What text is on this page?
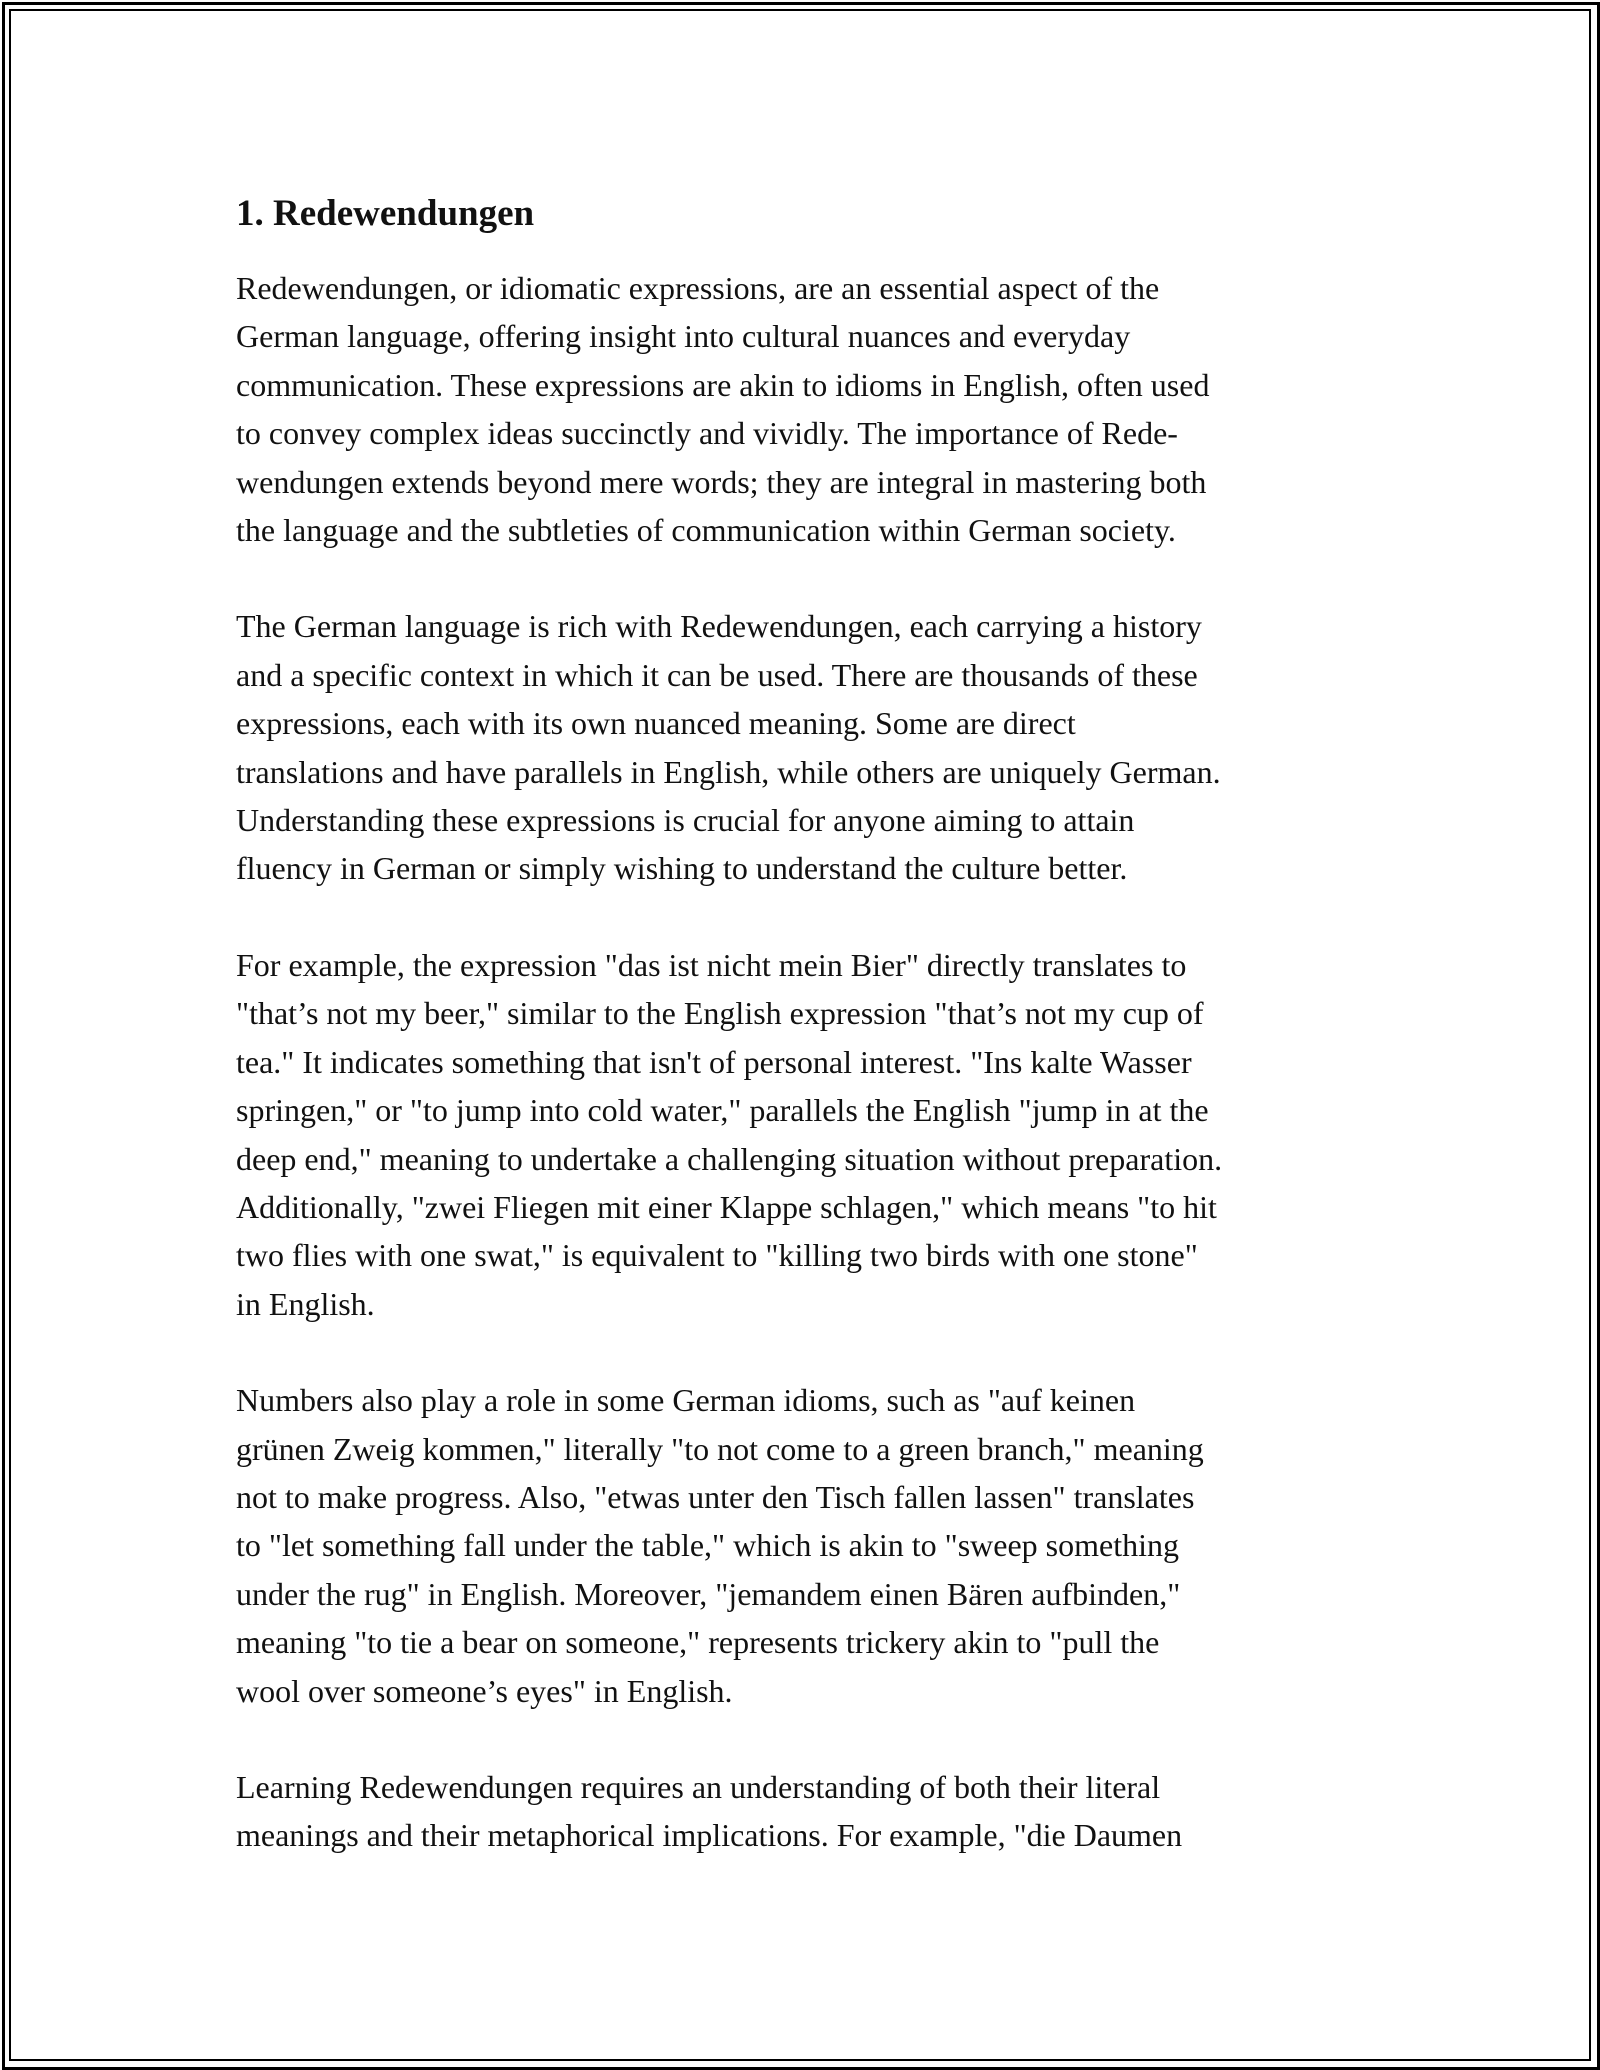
1. Redewendungen
Redewendungen, or idiomatic expressions, are an essential aspect of the
German language, offering insight into cultural nuances and everyday
communication. These expressions are akin to idioms in English, often used
to convey complex ideas succinctly and vividly. The importance of Rede-
wendungen extends beyond mere words; they are integral in mastering both
the language and the subtleties of communication within German society.
The German language is rich with Redewendungen, each carrying a history
and a specific context in which it can be used. There are thousands of these
expressions, each with its own nuanced meaning. Some are direct
translations and have parallels in English, while others are uniquely German.
Understanding these expressions is crucial for anyone aiming to attain
fluency in German or simply wishing to understand the culture better.
For example, the expression "das ist nicht mein Bier" directly translates to
"that’s not my beer," similar to the English expression "that’s not my cup of
tea." It indicates something that isn't of personal interest. "Ins kalte Wasser
springen," or "to jump into cold water," parallels the English "jump in at the
deep end," meaning to undertake a challenging situation without preparation.
Additionally, "zwei Fliegen mit einer Klappe schlagen," which means "to hit
two flies with one swat," is equivalent to "killing two birds with one stone"
in English.
Numbers also play a role in some German idioms, such as "auf keinen
grünen Zweig kommen," literally "to not come to a green branch," meaning
not to make progress. Also, "etwas unter den Tisch fallen lassen" translates
to "let something fall under the table," which is akin to "sweep something
under the rug" in English. Moreover, "jemandem einen Bären aufbinden,"
meaning "to tie a bear on someone," represents trickery akin to "pull the
wool over someone’s eyes" in English.
Learning Redewendungen requires an understanding of both their literal
meanings and their metaphorical implications. For example, "die Daumen
